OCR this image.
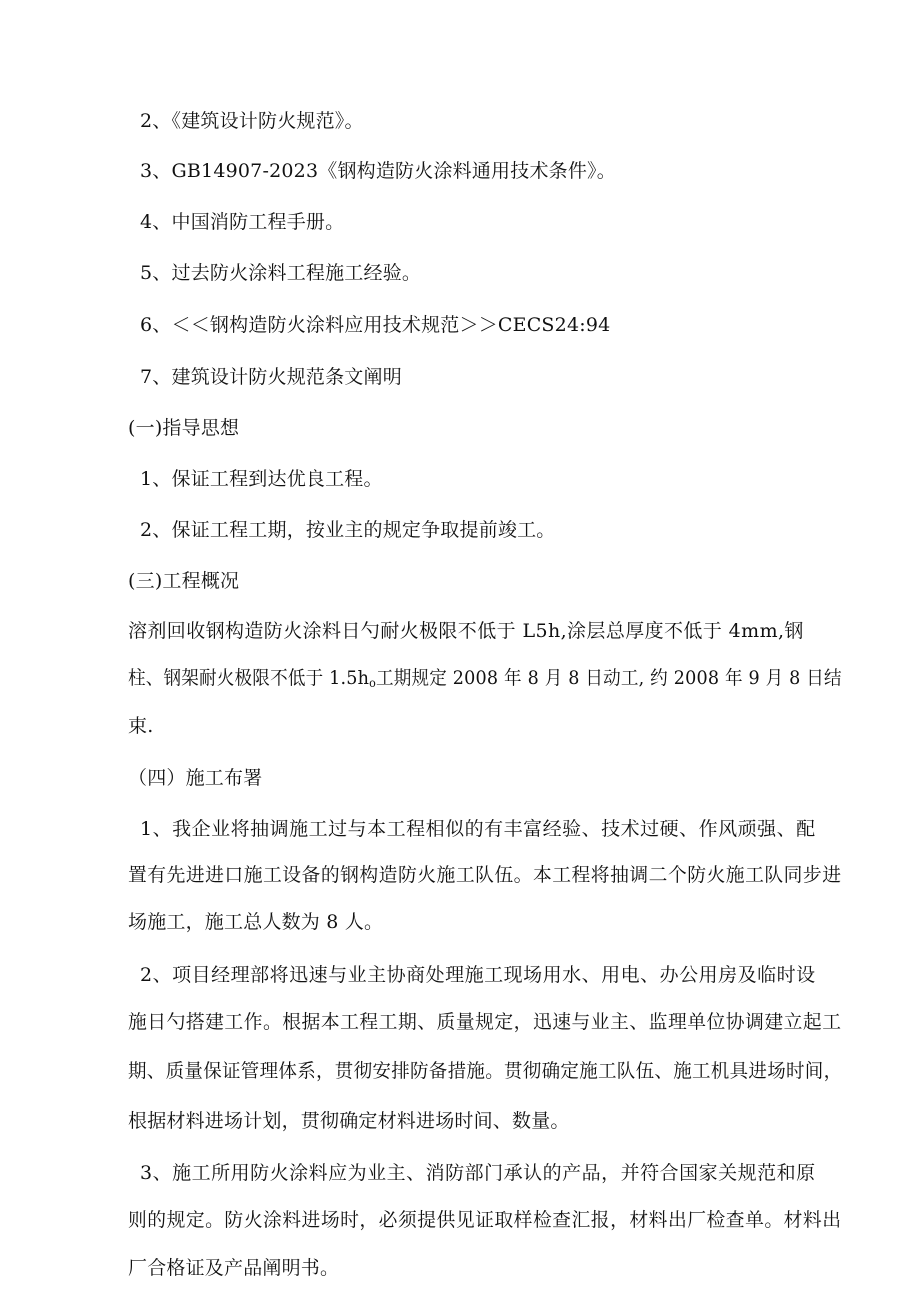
2、《建筑设计防火规范》。
3、GB14907-2023《钢构造防火涂料通用技术条件》。
4、中国消防工程手册。
5、过去防火涂料工程施工经验。
6、＜＜钢构造防火涂料应用技术规范＞＞CECS24:94
7、建筑设计防火规范条文阐明
(一)指导思想
1、保证工程到达优良工程。
2、保证工程工期，按业主的规定争取提前竣工。
(三)工程概况
溶剂回收钢构造防火涂料日勺耐火极限不低于 L5h,涂层总厚度不低于 4mm,钢
柱、钢架耐火极限不低于 $1.5h_o$工期规定 2008 年 8 月 8 日动工, 约 2008 年 9 月 8 日结
束.
（四）施工布署
1、我企业将抽调施工过与本工程相似的有丰富经验、技术过硬、作风顽强、配
置有先进进口施工设备的钢构造防火施工队伍。本工程将抽调二个防火施工队同步进
场施工，施工总人数为 8 人。
2、项目经理部将迅速与业主协商处理施工现场用水、用电、办公用房及临时设
施日勺搭建工作。根据本工程工期、质量规定，迅速与业主、监理单位协调建立起工
期、质量保证管理体系，贯彻安排防备措施。贯彻确定施工队伍、施工机具进场时间，
根据材料进场计划，贯彻确定材料进场时间、数量。
3、施工所用防火涂料应为业主、消防部门承认的产品，并符合国家关规范和原
则的规定。防火涂料进场时，必须提供见证取样检查汇报，材料出厂检查单。材料出
厂合格证及产品阐明书。
